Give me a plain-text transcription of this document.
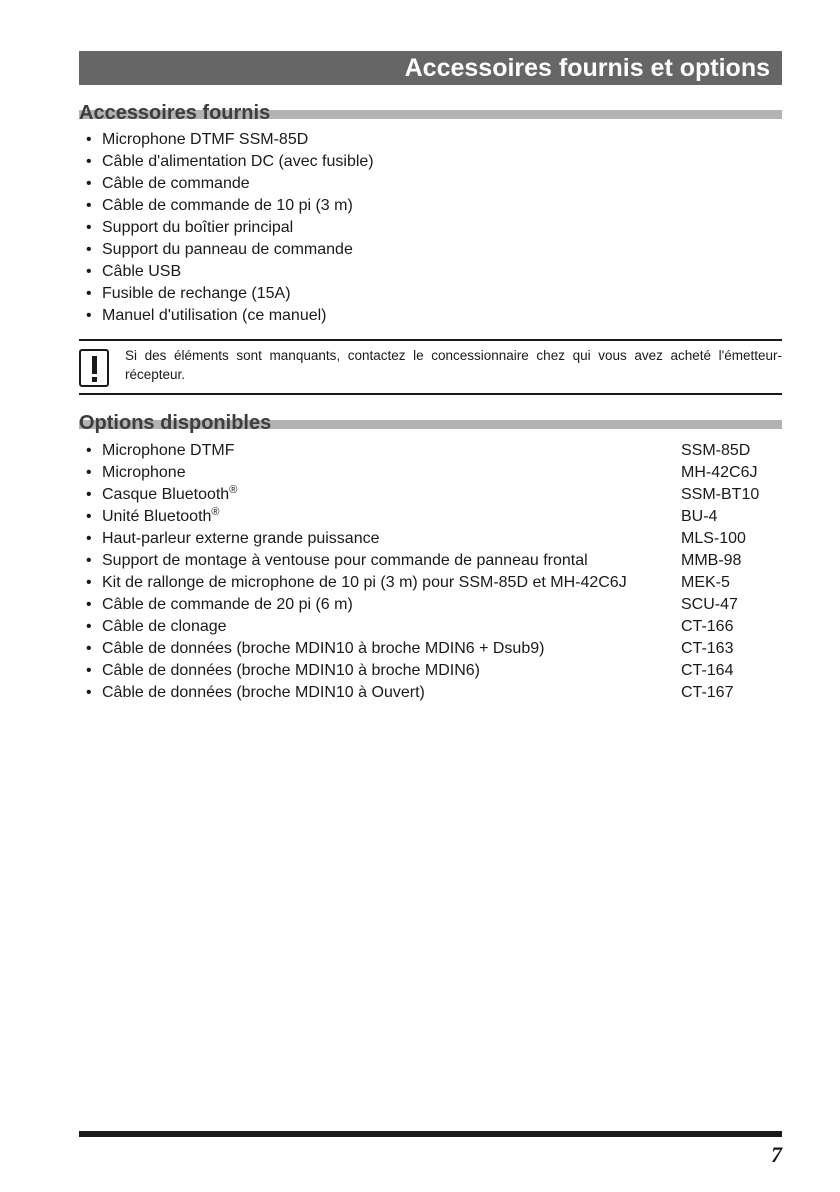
Accessoires fournis et options
Accessoires fournis
• Microphone DTMF SSM-85D
• Câble d'alimentation DC (avec fusible)
• Câble de commande
• Câble de commande de 10 pi (3 m)
• Support du boîtier principal
• Support du panneau de commande
• Câble USB
• Fusible de rechange (15A)
• Manuel d'utilisation (ce manuel)
Si des éléments sont manquants, contactez le concessionnaire chez qui vous avez acheté l'émetteur-récepteur.
Options disponibles
• Microphone DTMF	SSM-85D
• Microphone	MH-42C6J
• Casque Bluetooth®	SSM-BT10
• Unité Bluetooth®	BU-4
• Haut-parleur externe grande puissance	MLS-100
• Support de montage à ventouse pour commande de panneau frontal	MMB-98
• Kit de rallonge de microphone de 10 pi (3 m) pour SSM-85D et MH-42C6J	MEK-5
• Câble de commande de 20 pi (6 m)	SCU-47
• Câble de clonage	CT-166
• Câble de données (broche MDIN10 à broche MDIN6 + Dsub9)	CT-163
• Câble de données (broche MDIN10 à broche MDIN6)	CT-164
• Câble de données (broche MDIN10 à Ouvert)	CT-167
7
